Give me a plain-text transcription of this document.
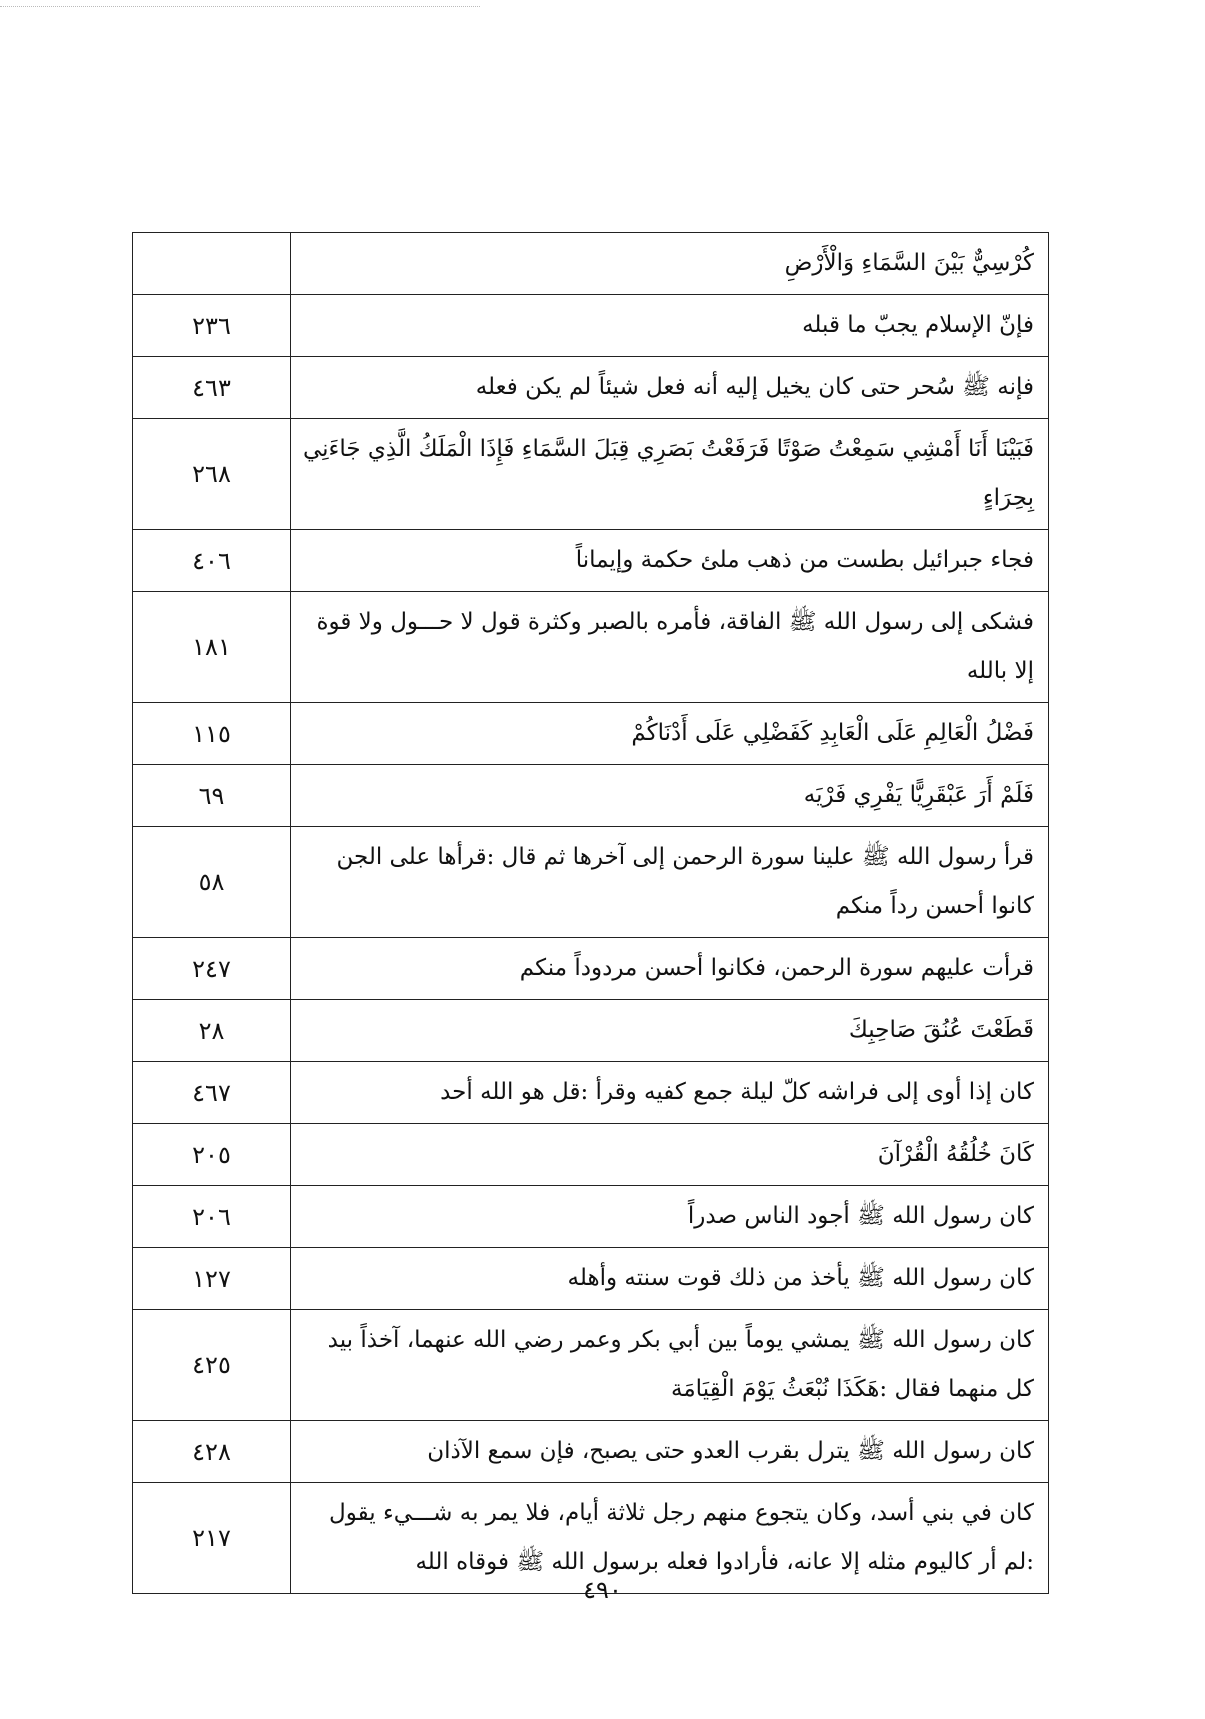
كُرْسِيٌّ بَيْنَ السَّمَاءِ وَالْأَرْضِ	
فإنّ الإسلام يجبّ ما قبله	٢٣٦
فإنه ﷺ سُحر حتى كان يخيل إليه أنه فعل شيئاً لم يكن فعله	٤٦٣
فَبَيْنَا أَنَا أَمْشِي سَمِعْتُ صَوْتًا فَرَفَعْتُ بَصَرِي قِبَلَ السَّمَاءِ فَإِذَا الْمَلَكُ الَّذِي جَاءَنِي بِحِرَاءٍ	٢٦٨
فجاء جبرائيل بطست من ذهب ملئ حكمة وإيماناً	٤٠٦
فشكى إلى رسول الله ﷺ الفاقة، فأمره بالصبر وكثرة قول لا حـــول ولا قوة إلا بالله	١٨١
فَضْلُ الْعَالِمِ عَلَى الْعَابِدِ كَفَضْلِي عَلَى أَدْنَاكُمْ	١١٥
فَلَمْ أَرَ عَبْقَرِيًّا يَفْرِي فَرْيَه	٦٩
قرأ رسول الله ﷺ علينا سورة الرحمن إلى آخرها ثم قال :قرأها على الجن كانوا أحسن رداً منكم	٥٨
قرأت عليهم سورة الرحمن، فكانوا أحسن مردوداً منكم	٢٤٧
قَطَعْتَ عُنُقَ صَاحِبِكَ	٢٨
كان إذا أوى إلى فراشه كلّ ليلة جمع كفيه وقرأ :قل هو الله أحد	٤٦٧
كَانَ خُلُقُهُ الْقُرْآنَ	٢٠٥
كان رسول الله ﷺ أجود الناس صدراً	٢٠٦
كان رسول الله ﷺ يأخذ من ذلك قوت سنته وأهله	١٢٧
كان رسول الله ﷺ يمشي يوماً بين أبي بكر وعمر رضي الله عنهما، آخذاً بيد كل منهما فقال :هَكَذَا نُبْعَثُ يَوْمَ الْقِيَامَة	٤٢٥
كان رسول الله ﷺ يترل بقرب العدو حتى يصبح، فإن سمع الآذان	٤٢٨
كان في بني أسد، وكان يتجوع منهم رجل ثلاثة أيام، فلا يمر به شـــيء يقول :لم أر كاليوم مثله إلا عانه، فأرادوا فعله برسول الله ﷺ فوقاه الله	٢١٧
٤٩٠
